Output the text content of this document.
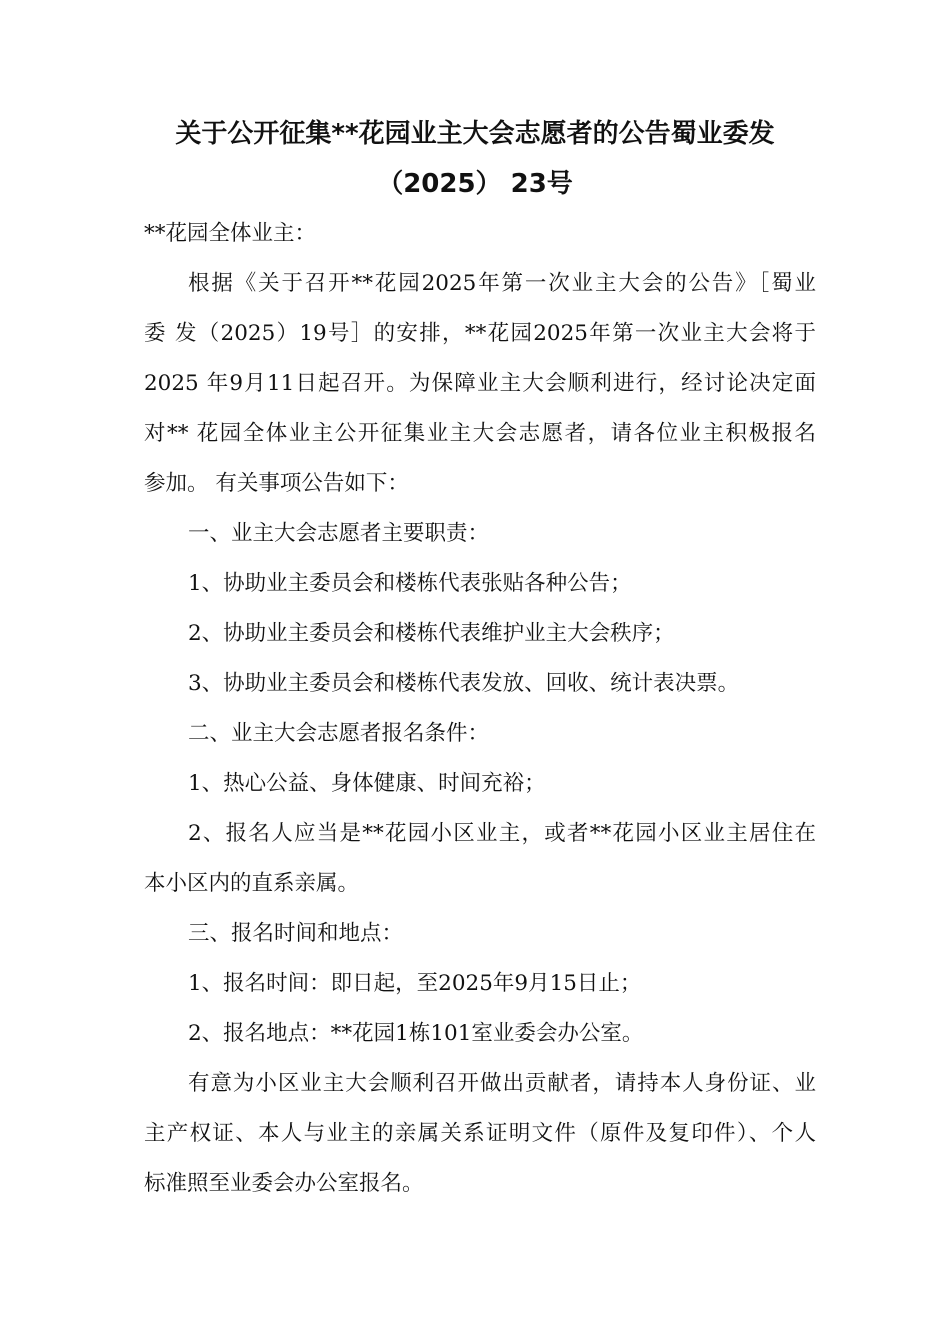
关于公开征集**花园业主大会志愿者的公告蜀业委发
（2025） 23号
**花园全体业主：
根据《关于召开**花园2025年第一次业主大会的公告》［蜀业
委 发（2025）19号］的安排，**花园2025年第一次业主大会将于
2025 年9月11日起召开。为保障业主大会顺利进行，经讨论决定面
对** 花园全体业主公开征集业主大会志愿者，请各位业主积极报名
参加。 有关事项公告如下：
一、业主大会志愿者主要职责：
1、协助业主委员会和楼栋代表张贴各种公告；
2、协助业主委员会和楼栋代表维护业主大会秩序；
3、协助业主委员会和楼栋代表发放、回收、统计表决票。
二、业主大会志愿者报名条件：
1、热心公益、身体健康、时间充裕；
2、报名人应当是**花园小区业主，或者**花园小区业主居住在
本小区内的直系亲属。
三、报名时间和地点：
1、报名时间：即日起，至2025年9月15日止；
2、报名地点：**花园1栋101室业委会办公室。
有意为小区业主大会顺利召开做出贡献者，请持本人身份证、业
主产权证、本人与业主的亲属关系证明文件（原件及复印件）、个人
标准照至业委会办公室报名。
